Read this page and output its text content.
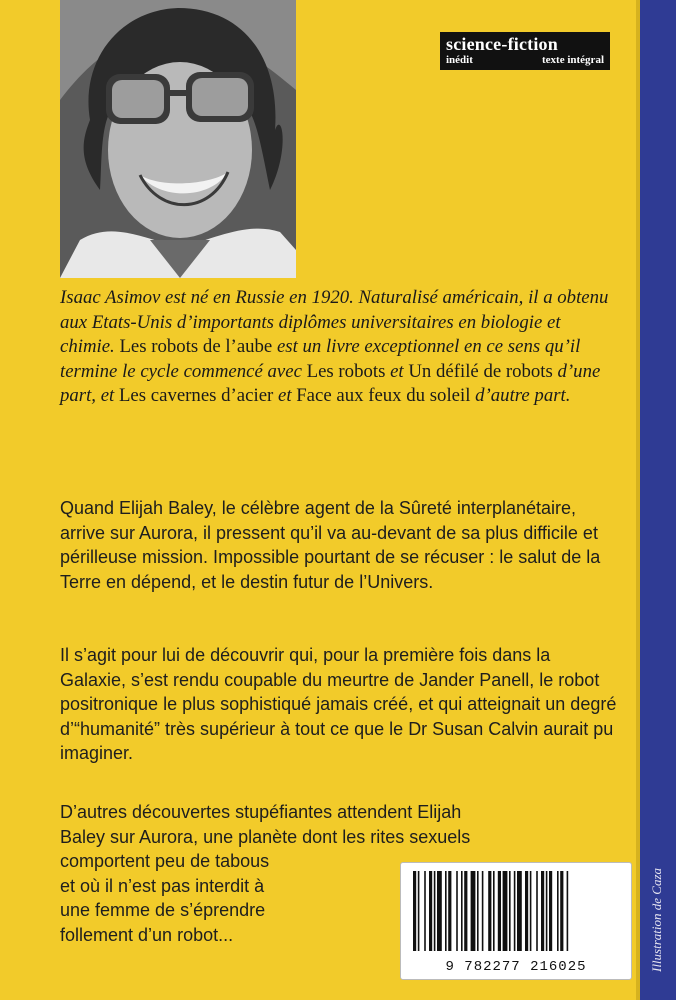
science-fiction
inédit	texte intégral
Isaac Asimov est né en Russie en 1920. Naturalisé américain, il a obtenu aux Etats-Unis d’importants diplômes universitaires en biologie et chimie. Les robots de l’aube est un livre exceptionnel en ce sens qu’il termine le cycle commencé avec Les robots et Un défilé de robots d’une part, et Les cavernes d’acier et Face aux feux du soleil d’autre part.
Quand Elijah Baley, le célèbre agent de la Sûreté interplanétaire, arrive sur Aurora, il pressent qu’il va au-devant de sa plus difficile et périlleuse mission. Impossible pourtant de se récuser : le salut de la Terre en dépend, et le destin futur de l’Univers.
Il s’agit pour lui de découvrir qui, pour la première fois dans la Galaxie, s’est rendu coupable du meurtre de Jander Panell, le robot positronique le plus sophistiqué jamais créé, et qui atteignait un degré d’“humanité” très supérieur à tout ce que le Dr Susan Calvin aurait pu imaginer.
D’autres découvertes stupéfiantes attendent Elijah
Baley sur Aurora, une planète dont les rites sexuels
comportent peu de tabous
et où il n’est pas interdit à
une femme de s’éprendre
follement d’un robot...
9 782277 216025	Illustration de Caza
